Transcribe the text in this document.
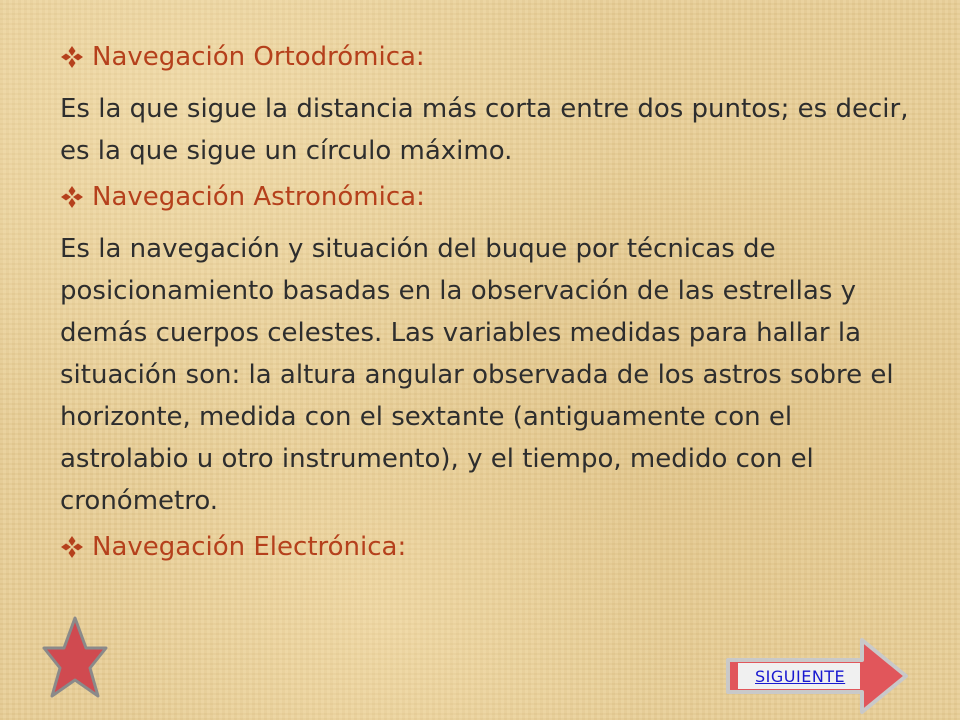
Navegación Ortodrómica:

Es la que sigue la distancia más corta entre dos puntos; es decir, es la que sigue un círculo máximo.

Navegación Astronómica:

Es la navegación y situación del buque por técnicas de posicionamiento basadas en la observación de las estrellas y demás cuerpos celestes. Las variables medidas para hallar la situación son: la altura angular observada de los astros sobre el horizonte, medida con el sextante (antiguamente con el astrolabio u otro instrumento), y el tiempo, medido con el cronómetro.

Navegación Electrónica:
SIGUIENTE
